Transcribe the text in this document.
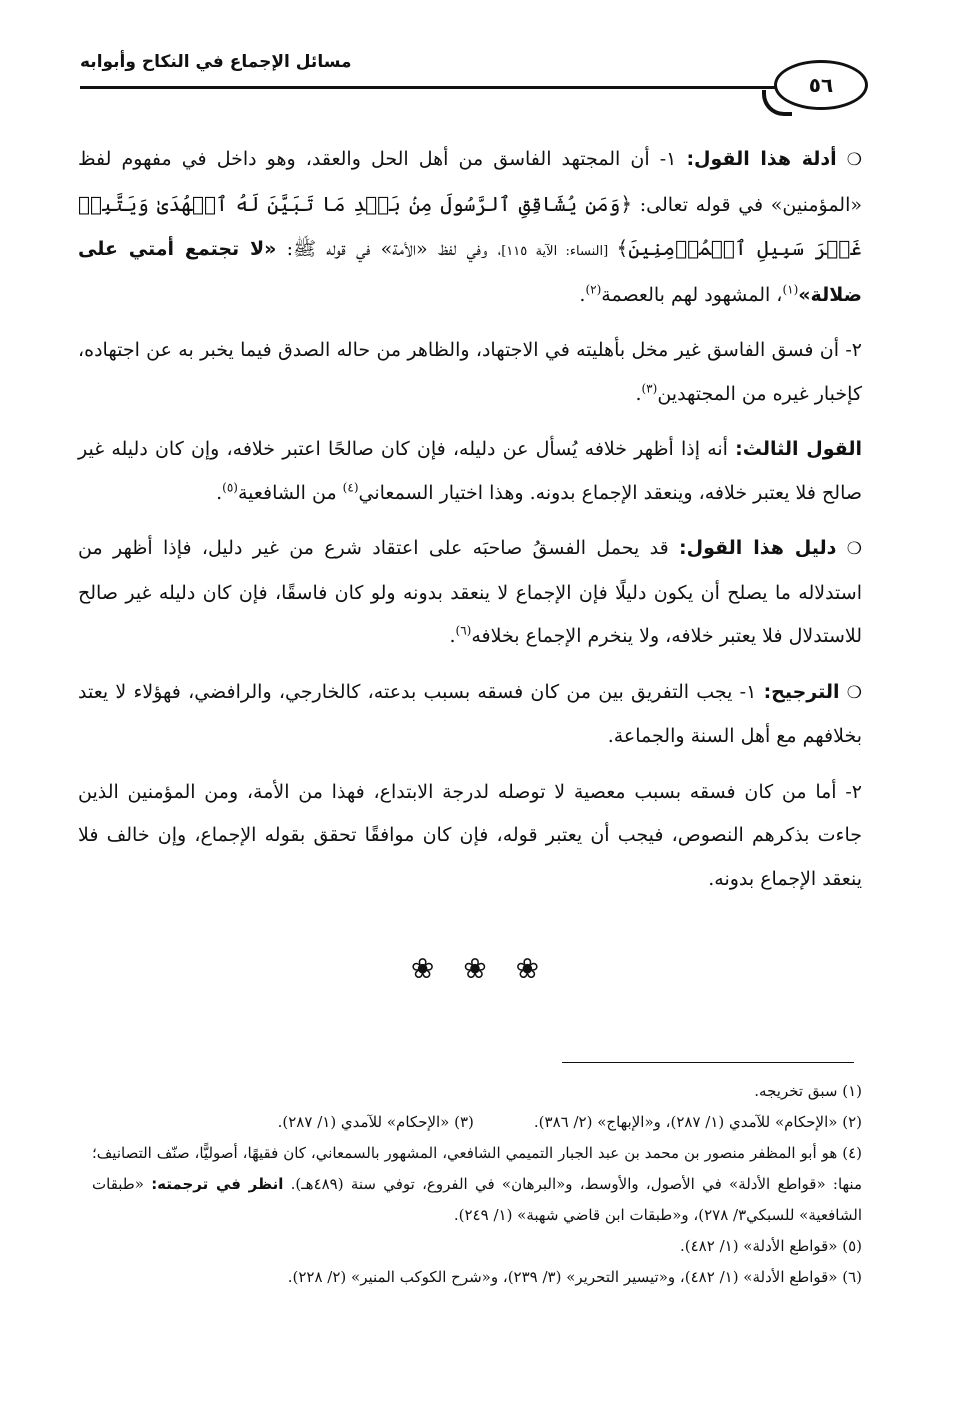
مسائل الإجماع في النكاح وأبوابه
٥٦

❍ أدلة هذا القول: ١- أن المجتهد الفاسق من أهل الحل والعقد، وهو داخل في مفهوم لفظ «المؤمنين» في قوله تعالى: ﴿وَمَن يُشَاقِقِ ٱلرَّسُولَ مِنۢ بَعۡدِ مَا تَبَيَّنَ لَهُ ٱلۡهُدَىٰ وَيَتَّبِعۡ غَيۡرَ سَبِيلِ ٱلۡمُؤۡمِنِينَ﴾ [النساء: الآية ١١٥]، وفي لفظ «الأمة» في قوله ﷺ: «لا تجتمع أمتي على ضلالة»$^{(١)}$، المشهود لهم بالعصمة$^{(٢)}$.

٢- أن فسق الفاسق غير مخل بأهليته في الاجتهاد، والظاهر من حاله الصدق فيما يخبر به عن اجتهاده، كإخبار غيره من المجتهدين$^{(٣)}$.

القول الثالث: أنه إذا أظهر خلافه يُسأل عن دليله، فإن كان صالحًا اعتبر خلافه، وإن كان دليله غير صالح فلا يعتبر خلافه، وينعقد الإجماع بدونه. وهذا اختيار السمعاني$^{(٤)}$ من الشافعية$^{(٥)}$.

❍ دليل هذا القول: قد يحمل الفسقُ صاحبَه على اعتقاد شرع من غير دليل، فإذا أظهر من استدلاله ما يصلح أن يكون دليلًا فإن الإجماع لا ينعقد بدونه ولو كان فاسقًا، فإن كان دليله غير صالح للاستدلال فلا يعتبر خلافه، ولا ينخرم الإجماع بخلافه$^{(٦)}$.

❍ الترجيح: ١- يجب التفريق بين من كان فسقه بسبب بدعته، كالخارجي، والرافضي، فهؤلاء لا يعتد بخلافهم مع أهل السنة والجماعة.

٢- أما من كان فسقه بسبب معصية لا توصله لدرجة الابتداع، فهذا من الأمة، ومن المؤمنين الذين جاءت بذكرهم النصوص، فيجب أن يعتبر قوله، فإن كان موافقًا تحقق بقوله الإجماع، وإن خالف فلا ينعقد الإجماع بدونه.

❀ ❀ ❀

(١) سبق تخريجه.

(٢) «الإحكام» للآمدي (١/ ٢٨٧)، و«الإبهاج» (٢/ ٣٨٦).
(٣) «الإحكام» للآمدي (١/ ٢٨٧).

(٤) هو أبو المظفر منصور بن محمد بن عبد الجبار التميمي الشافعي، المشهور بالسمعاني، كان فقيهًا، أصوليًّا، صنّف التصانيف؛ منها: «قواطع الأدلة» في الأصول، والأوسط، و«البرهان» في الفروع، توفي سنة (٤٨٩هـ). انظر في ترجمته: «طبقات الشافعية» للسبكي٣/ ٢٧٨)، و«طبقات ابن قاضي شهبة» (١/ ٢٤٩).

(٥) «قواطع الأدلة» (١/ ٤٨٢).

(٦) «قواطع الأدلة» (١/ ٤٨٢)، و«تيسير التحرير» (٣/ ٢٣٩)، و«شرح الكوكب المنير» (٢/ ٢٢٨).
